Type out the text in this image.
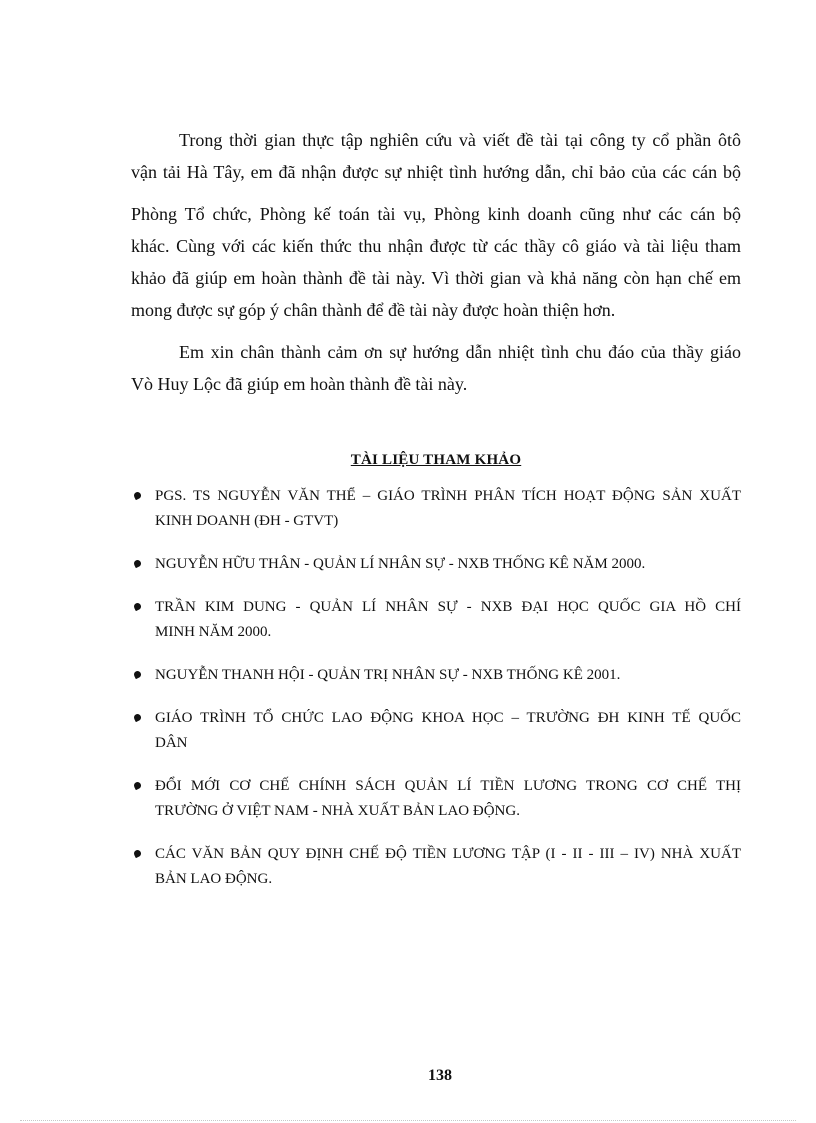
Trong thời gian thực tập nghiên cứu và viết đề tài tại công ty cổ phần ôtô
vận tải Hà Tây, em đã nhận được sự nhiệt tình hướng dẫn, chỉ bảo của các cán bộ
Phòng Tổ chức, Phòng kế toán tài vụ, Phòng kinh doanh cũng như các cán bộ
khác. Cùng với các kiến thức thu nhận được từ các thầy cô giáo và tài liệu tham
khảo đã giúp em hoàn thành đề tài này. Vì thời gian và khả năng còn hạn chế em
mong được sự góp ý chân thành để đề tài này được hoàn thiện hơn.

Em xin chân thành cảm ơn sự hướng dẫn nhiệt tình chu đáo của thầy giáo
Vò Huy Lộc đã giúp em hoàn thành đề tài này.

TÀI LIỆU THAM KHẢO
PGS. TS NGUYỄN VĂN THỂ – GIÁO TRÌNH PHÂN TÍCH HOẠT ĐỘNG SẢN XUẤT
KINH DOANH (ĐH - GTVT)
NGUYỄN HỮU THÂN - QUẢN LÍ NHÂN SỰ - NXB THỐNG KÊ NĂM 2000.
TRẦN KIM DUNG - QUẢN LÍ NHÂN SỰ - NXB ĐẠI HỌC QUỐC GIA HỒ CHÍ
MINH NĂM 2000.
NGUYỄN THANH HỘI - QUẢN TRỊ NHÂN SỰ - NXB THỐNG KÊ 2001.
GIÁO TRÌNH TỔ CHỨC LAO ĐỘNG KHOA HỌC – TRƯỜNG ĐH KINH TẾ QUỐC
DÂN
ĐỔI MỚI CƠ CHẾ CHÍNH SÁCH QUẢN LÍ TIỀN LƯƠNG TRONG CƠ CHẾ THỊ
TRƯỜNG Ở VIỆT NAM - NHÀ XUẤT BẢN LAO ĐỘNG.
CÁC VĂN BẢN QUY ĐỊNH CHẾ ĐỘ TIỀN LƯƠNG TẬP (I - II - III – IV) NHÀ XUẤT
BẢN LAO ĐỘNG.

138
